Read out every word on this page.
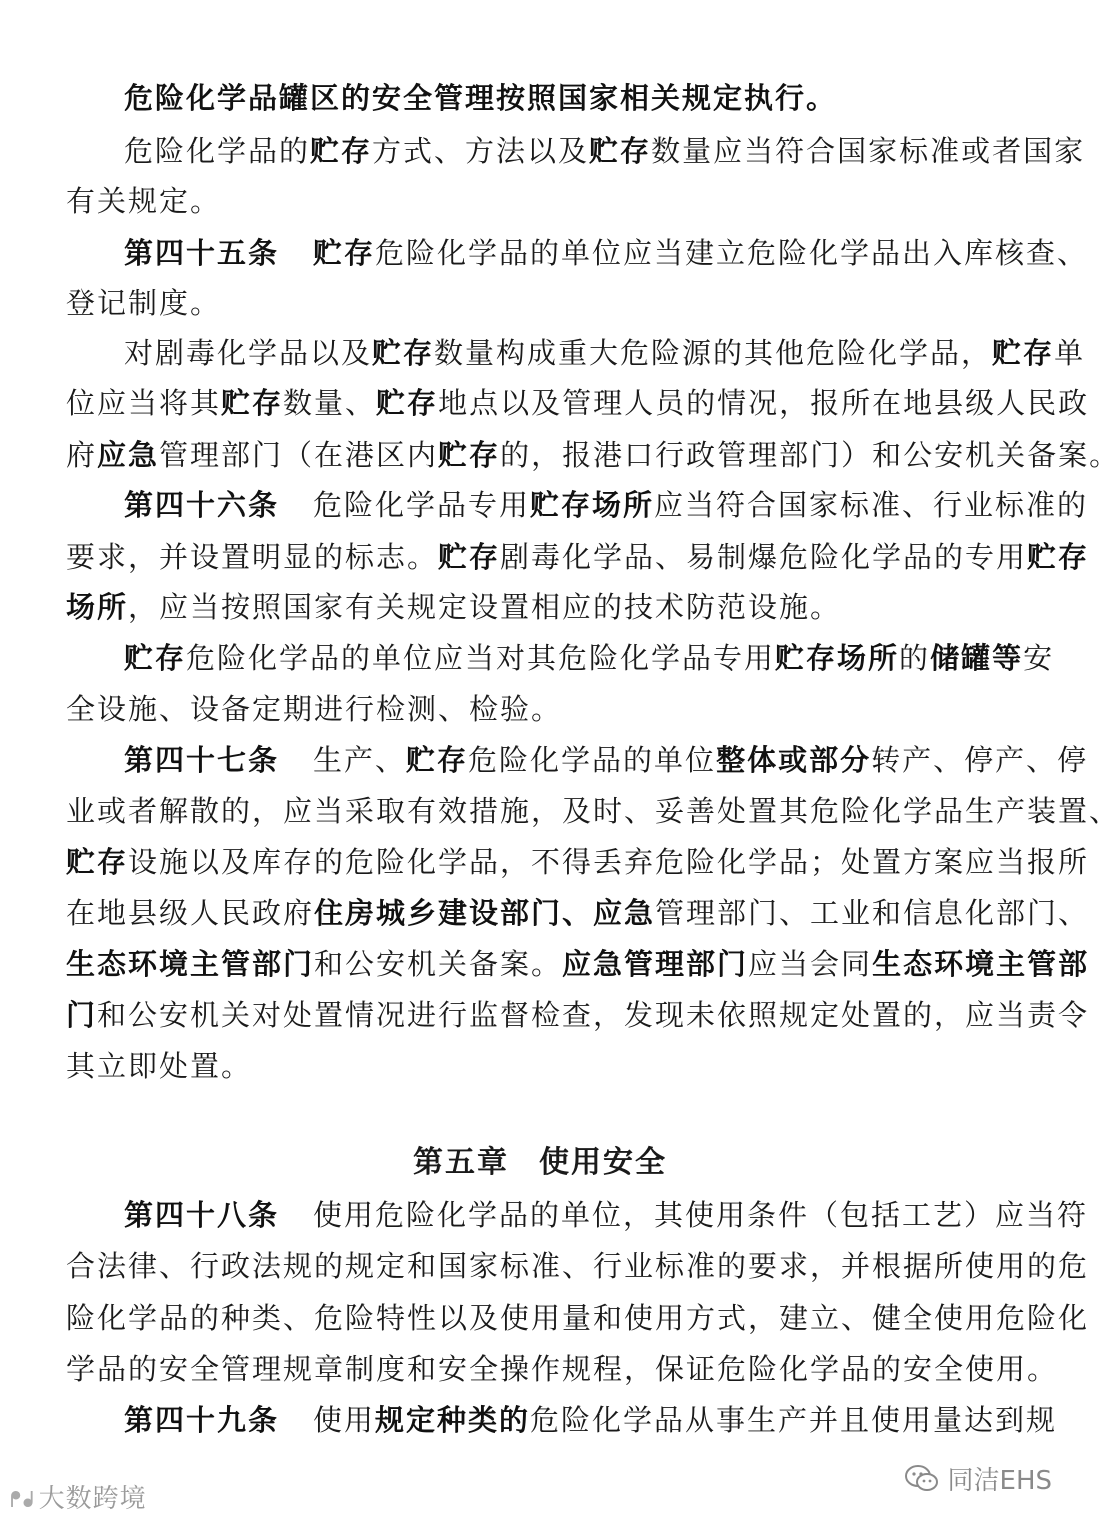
危险化学品罐区的安全管理按照国家相关规定执行。
危险化学品的贮存方式、方法以及贮存数量应当符合国家标准或者国家
有关规定。
第四十五条 贮存危险化学品的单位应当建立危险化学品出入库核查、
登记制度。
对剧毒化学品以及贮存数量构成重大危险源的其他危险化学品，贮存单
位应当将其贮存数量、贮存地点以及管理人员的情况，报所在地县级人民政
府应急管理部门（在港区内贮存的，报港口行政管理部门）和公安机关备案。
第四十六条 危险化学品专用贮存场所应当符合国家标准、行业标准的
要求，并设置明显的标志。贮存剧毒化学品、易制爆危险化学品的专用贮存
场所，应当按照国家有关规定设置相应的技术防范设施。
贮存危险化学品的单位应当对其危险化学品专用贮存场所的储罐等安
全设施、设备定期进行检测、检验。
第四十七条 生产、贮存危险化学品的单位整体或部分转产、停产、停
业或者解散的，应当采取有效措施，及时、妥善处置其危险化学品生产装置、
贮存设施以及库存的危险化学品，不得丢弃危险化学品；处置方案应当报所
在地县级人民政府住房城乡建设部门、应急管理部门、工业和信息化部门、
生态环境主管部门和公安机关备案。应急管理部门应当会同生态环境主管部
门和公安机关对处置情况进行监督检查，发现未依照规定处置的，应当责令
其立即处置。
第五章 使用安全
第四十八条 使用危险化学品的单位，其使用条件（包括工艺）应当符
合法律、行政法规的规定和国家标准、行业标准的要求，并根据所使用的危
险化学品的种类、危险特性以及使用量和使用方式，建立、健全使用危险化
学品的安全管理规章制度和安全操作规程，保证危险化学品的安全使用。
第四十九条 使用规定种类的危险化学品从事生产并且使用量达到规
ᖰᖱ 大数跨境
同洁EHS
